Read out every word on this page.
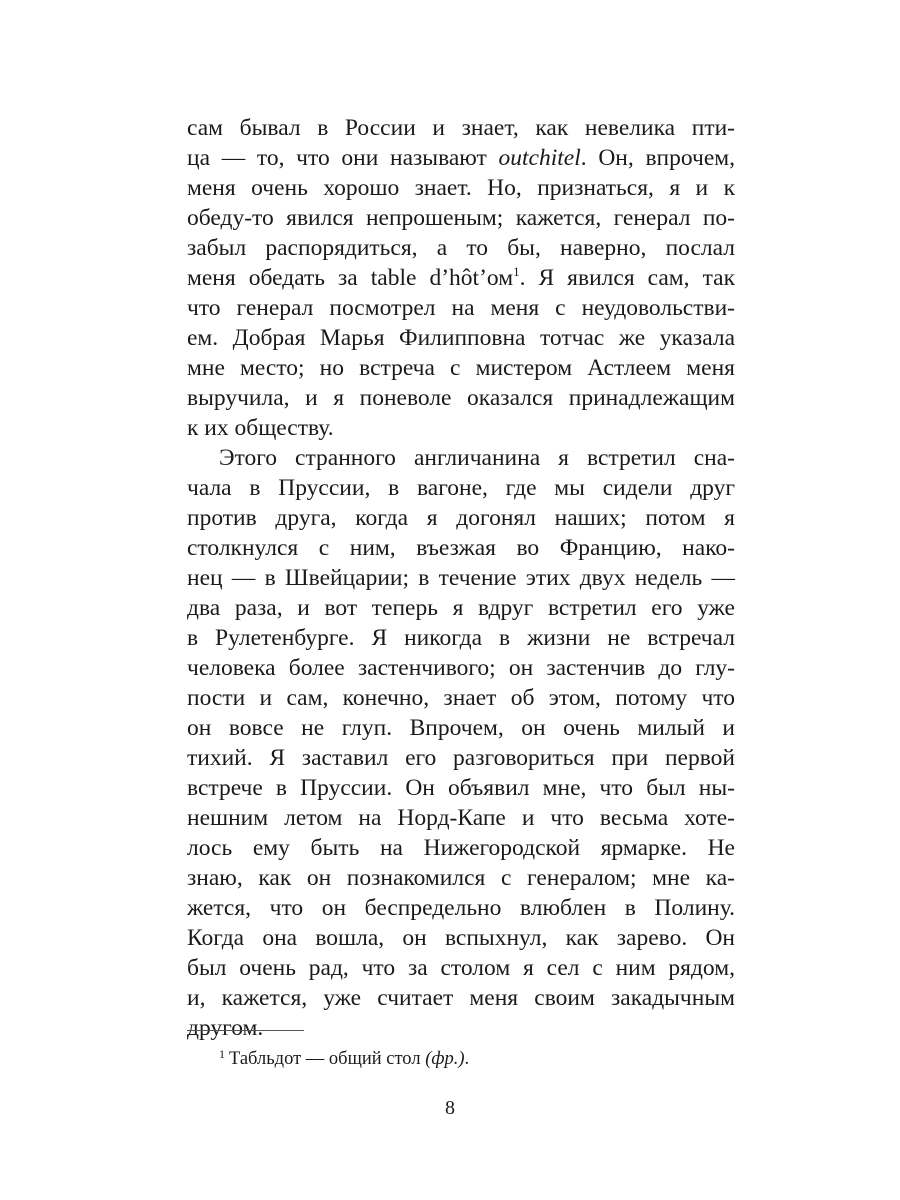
сам бывал в России и знает, как невелика пти-
ца — то, что они называют outchitel. Он, впрочем,
меня очень хорошо знает. Но, признаться, я и к
обеду-то явился непрошеным; кажется, генерал по-
забыл распорядиться, а то бы, наверно, послал
меня обедать за table $d’hôt’ом^1$. Я явился сам, так
что генерал посмотрел на меня с неудовольстви-
ем. Добрая Марья Филипповна тотчас же указала
мне место; но встреча с мистером Астлеем меня
выручила, и я поневоле оказался принадлежащим
к их обществу.
Этого странного англичанина я встретил сна-
чала в Пруссии, в вагоне, где мы сидели друг
против друга, когда я догонял наших; потом я
столкнулся с ним, въезжая во Францию, нако-
нец — в Швейцарии; в течение этих двух недель —
два раза, и вот теперь я вдруг встретил его уже
в Рулетенбурге. Я никогда в жизни не встречал
человека более застенчивого; он застенчив до глу-
пости и сам, конечно, знает об этом, потому что
он вовсе не глуп. Впрочем, он очень милый и
тихий. Я заставил его разговориться при первой
встрече в Пруссии. Он объявил мне, что был ны-
нешним летом на Норд-Капе и что весьма хоте-
лось ему быть на Нижегородской ярмарке. Не
знаю, как он познакомился с генералом; мне ка-
жется, что он беспредельно влюблен в Полину.
Когда она вошла, он вспыхнул, как зарево. Он
был очень рад, что за столом я сел с ним рядом,
и, кажется, уже считает меня своим закадычным
другом.
$^1$ Табльдот — общий стол (фр.).
8
